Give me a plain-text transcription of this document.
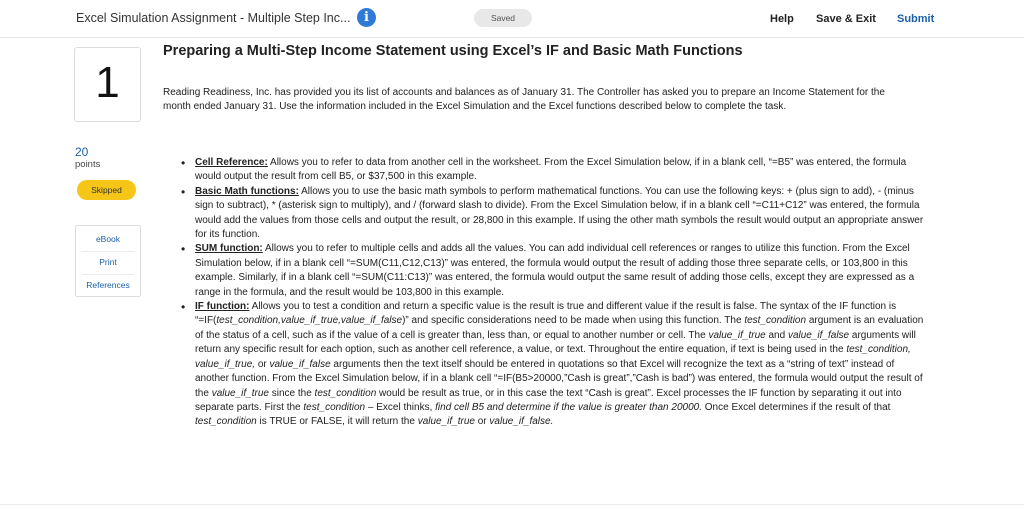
Excel Simulation Assignment - Multiple Step Inc...	i	Saved	Help Save & Exit Submit
1
20
points
Skipped
eBook
Print
References
Preparing a Multi-Step Income Statement using Excel’s IF and Basic Math Functions

Reading Readiness, Inc. has provided you its list of accounts and balances as of January 31. The Controller has asked you to prepare an Income Statement for the month ended January 31. Use the information included in the Excel Simulation and the Excel functions described below to complete the task.

• Cell Reference: Allows you to refer to data from another cell in the worksheet. From the Excel Simulation below, if in a blank cell, “=B5” was entered, the formula would output the result from cell B5, or $37,500 in this example.
• Basic Math functions: Allows you to use the basic math symbols to perform mathematical functions. You can use the following keys: + (plus sign to add), - (minus sign to subtract), * (asterisk sign to multiply), and / (forward slash to divide). From the Excel Simulation below, if in a blank cell “=C11+C12” was entered, the formula would add the values from those cells and output the result, or 28,800 in this example. If using the other math symbols the result would output an appropriate answer for its function.
• SUM function: Allows you to refer to multiple cells and adds all the values. You can add individual cell references or ranges to utilize this function. From the Excel Simulation below, if in a blank cell “=SUM(C11,C12,C13)” was entered, the formula would output the result of adding those three separate cells, or 103,800 in this example. Similarly, if in a blank cell “=SUM(C11:C13)” was entered, the formula would output the same result of adding those cells, except they are expressed as a range in the formula, and the result would be 103,800 in this example.
• IF function: Allows you to test a condition and return a specific value is the result is true and different value if the result is false. The syntax of the IF function is “=IF(test_condition,value_if_true,value_if_false)” and specific considerations need to be made when using this function. The test_condition argument is an evaluation of the status of a cell, such as if the value of a cell is greater than, less than, or equal to another number or cell. The value_if_true and value_if_false arguments will return any specific result for each option, such as another cell reference, a value, or text. Throughout the entire equation, if text is being used in the test_condition, value_if_true, or value_if_false arguments then the text itself should be entered in quotations so that Excel will recognize the text as a “string of text” instead of another function. From the Excel Simulation below, if in a blank cell “=IF(B5>20000,”Cash is great”,”Cash is bad”) was entered, the formula would output the result of the value_if_true since the test_condition would be result as true, or in this case the text “Cash is great”. Excel processes the IF function by separating it out into separate parts. First the test_condition – Excel thinks, find cell B5 and determine if the value is greater than 20000. Once Excel determines if the result of that test_condition is TRUE or FALSE, it will return the value_if_true or value_if_false.
